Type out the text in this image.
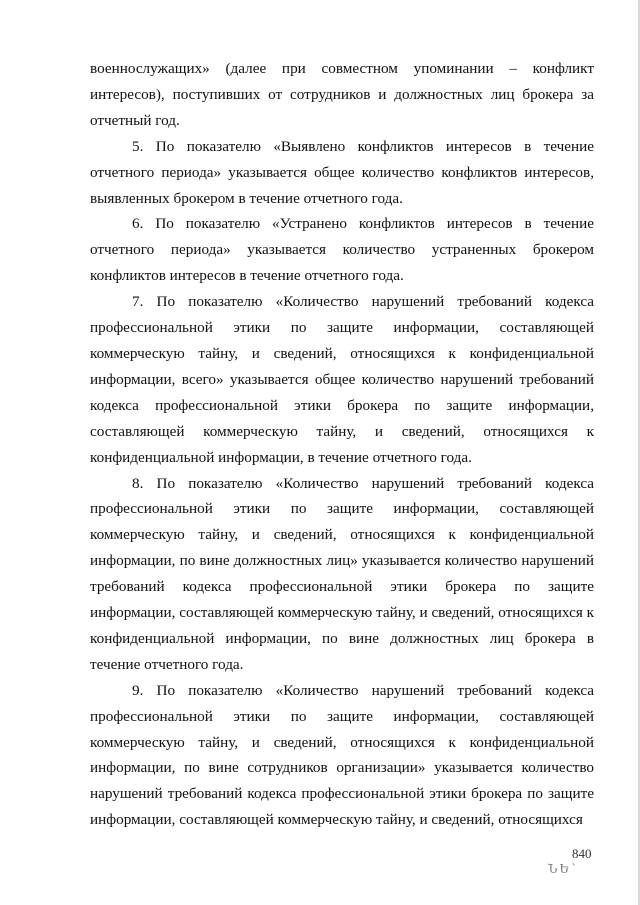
военнослужащих» (далее при совместном упоминании – конфликт интересов), поступивших от сотрудников и должностных лиц брокера за отчетный год.

5. По показателю «Выявлено конфликтов интересов в течение отчетного периода» указывается общее количество конфликтов интересов, выявленных брокером в течение отчетного года.

6. По показателю «Устранено конфликтов интересов в течение отчетного периода» указывается количество устраненных брокером конфликтов интересов в течение отчетного года.

7. По показателю «Количество нарушений требований кодекса профессиональной этики по защите информации, составляющей коммерческую тайну, и сведений, относящихся к конфиденциальной информации, всего» указывается общее количество нарушений требований кодекса профессиональной этики брокера по защите информации, составляющей коммерческую тайну, и сведений, относящихся к конфиденциальной информации, в течение отчетного года.

8. По показателю «Количество нарушений требований кодекса профессиональной этики по защите информации, составляющей коммерческую тайну, и сведений, относящихся к конфиденциальной информации, по вине должностных лиц» указывается количество нарушений требований кодекса профессиональной этики брокера по защите информации, составляющей коммерческую тайну, и сведений, относящихся к конфиденциальной информации, по вине должностных лиц брокера в течение отчетного года.

9. По показателю «Количество нарушений требований кодекса профессиональной этики по защите информации, составляющей коммерческую тайну, и сведений, относящихся к конфиденциальной информации, по вине сотрудников организации» указывается количество нарушений требований кодекса профессиональной этики брокера по защите информации, составляющей коммерческую тайну, и сведений, относящихся

840
ՆԵ՝
